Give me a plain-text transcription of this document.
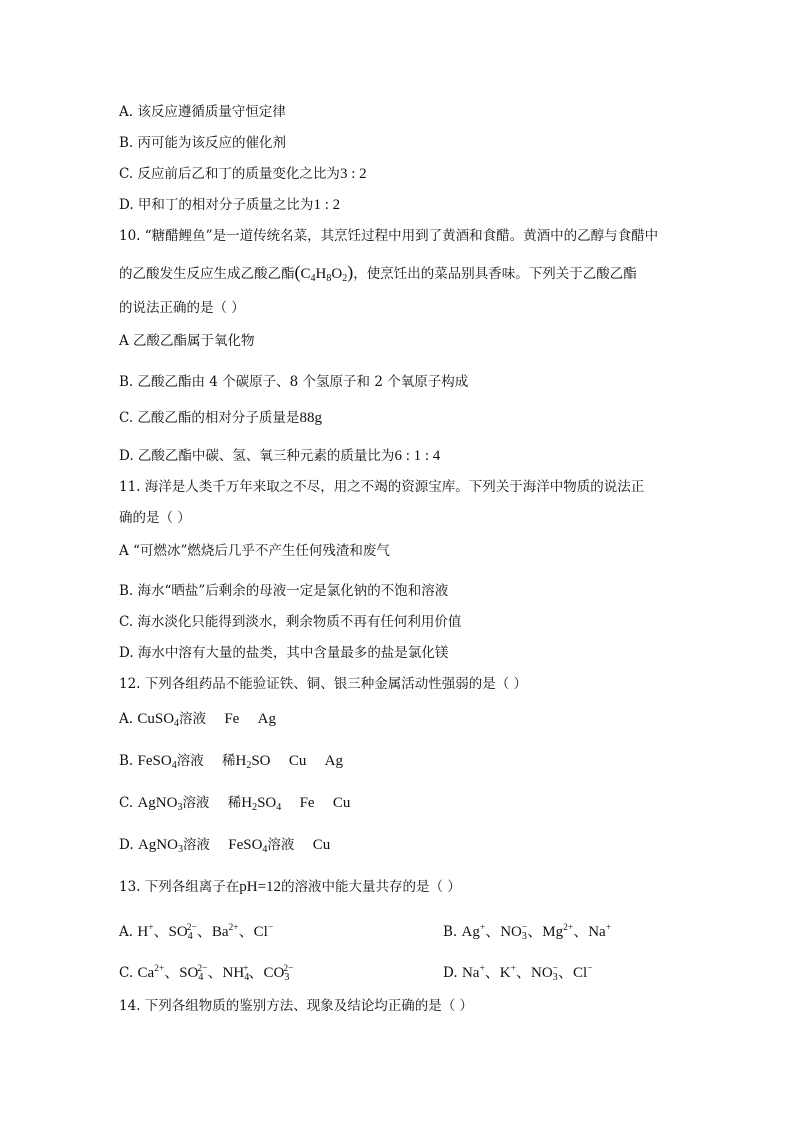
A. 该反应遵循质量守恒定律
B. 丙可能为该反应的催化剂
C. 反应前后乙和丁的质量变化之比为3 : 2
D. 甲和丁的相对分子质量之比为1 : 2
10. “糖醋鲤鱼”是一道传统名菜，其烹饪过程中用到了黄酒和食醋。黄酒中的乙醇与食醋中
的乙酸发生反应生成乙酸乙酯$(C_4H_8O_2)$，使烹饪出的菜品别具香味。下列关于乙酸乙酯
的说法正确的是（ ）
A 乙酸乙酯属于氧化物
B. 乙酸乙酯由 4 个碳原子、8 个氢原子和 2 个氧原子构成
C. 乙酸乙酯的相对分子质量是88g
D. 乙酸乙酯中碳、氢、氧三种元素的质量比为6 : 1 : 4
11. 海洋是人类千万年来取之不尽，用之不竭的资源宝库。下列关于海洋中物质的说法正
确的是（ ）
A “可燃冰”燃烧后几乎不产生任何残渣和废气
B. 海水“晒盐”后剩余的母液一定是氯化钠的不饱和溶液
C. 海水淡化只能得到淡水，剩余物质不再有任何利用价值
D. 海水中溶有大量的盐类，其中含量最多的盐是氯化镁
12. 下列各组药品不能验证铁、铜、银三种金属活动性强弱的是（ ）
A. CuSO$_4$溶液 Fe Ag
B. FeSO$_4$溶液 稀$H_2SO$ Cu Ag
C. AgNO$_3$溶液 稀$H_2SO_4$ Fe Cu
D. AgNO$_3$溶液 FeSO$_4$溶液 Cu
13. 下列各组离子在pH=12的溶液中能大量共存的是（ ）
A. H+、$SO_4^{2-}$、$Ba^{2+}$、Cl−	B. Ag+、$NO_3^-$、$Mg^{2+}$、Na+
C. $Ca^{2+}$、$SO_4^{2-}$、$NH_4^+$、$CO_3^{2-}$	D. Na+、K+、$NO_3^-$、Cl−
14. 下列各组物质的鉴别方法、现象及结论均正确的是（ ）
